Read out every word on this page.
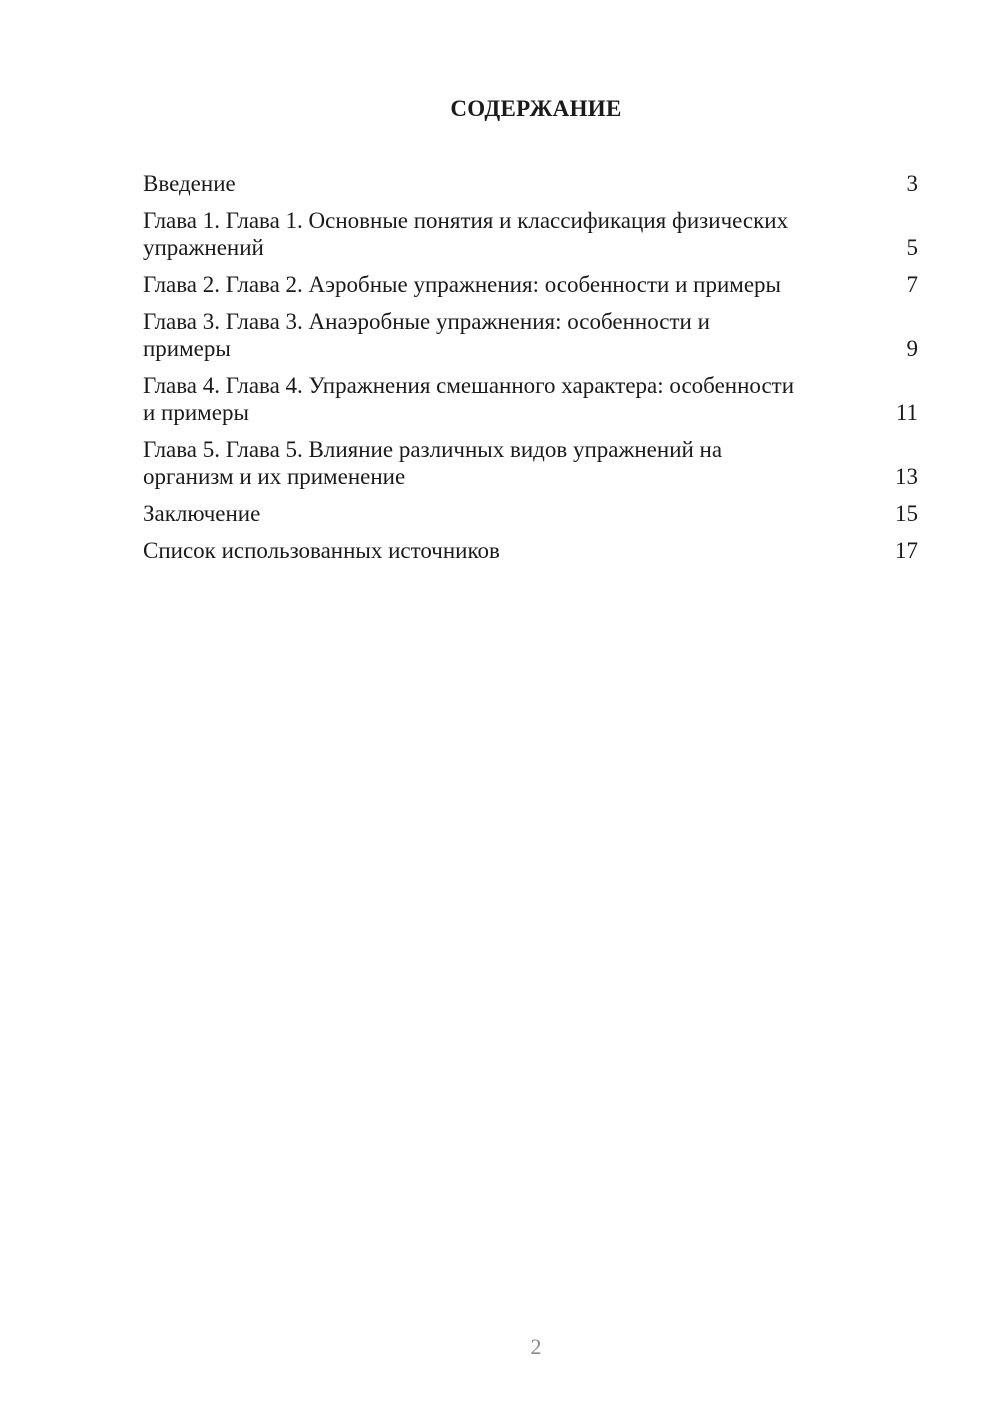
СОДЕРЖАНИЕ
Введение	3
Глава 1. Глава 1. Основные понятия и классификация физических упражнений	5
Глава 2. Глава 2. Аэробные упражнения: особенности и примеры	7
Глава 3. Глава 3. Анаэробные упражнения: особенности и примеры	9
Глава 4. Глава 4. Упражнения смешанного характера: особенности и примеры	11
Глава 5. Глава 5. Влияние различных видов упражнений на организм и их применение	13
Заключение	15
Список использованных источников	17
2
